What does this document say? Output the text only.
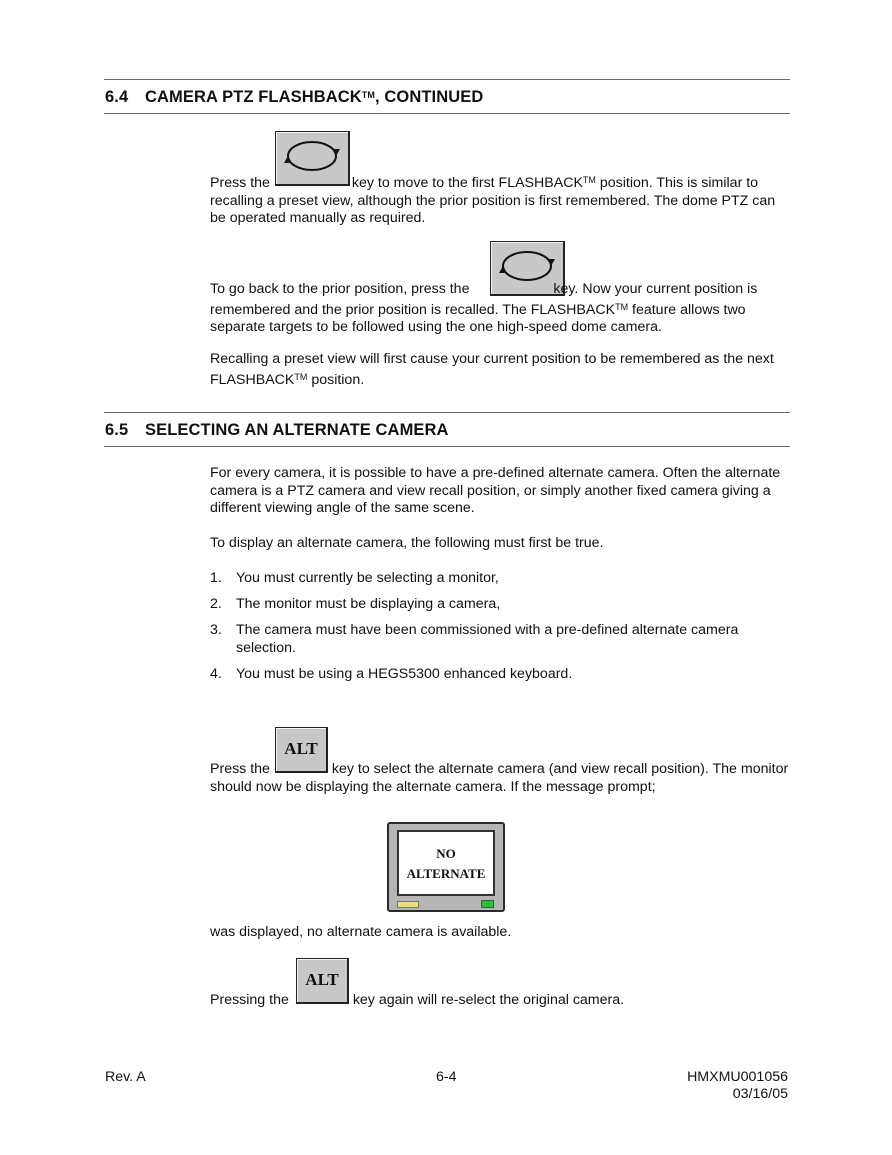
6.4 CAMERA PTZ FLASHBACK™, CONTINUED
Press the	key to move to the first FLASHBACK™ position. This is similar to recalling a preset view, although the prior position is first remembered. The dome PTZ can be operated manually as required.
To go back to the prior position, press the	key. Now your current position is remembered and the prior position is recalled. The FLASHBACK™ feature allows two separate targets to be followed using the one high-speed dome camera.
Recalling a preset view will first cause your current position to be remembered as the next FLASHBACK™ position.
6.5 SELECTING AN ALTERNATE CAMERA
For every camera, it is possible to have a pre-defined alternate camera. Often the alternate camera is a PTZ camera and view recall position, or simply another fixed camera giving a different viewing angle of the same scene.
To display an alternate camera, the following must first be true.
1. You must currently be selecting a monitor,
2. The monitor must be displaying a camera,
3. The camera must have been commissioned with a pre-defined alternate camera selection.
4. You must be using a HEGS5300 enhanced keyboard.
ALT
Press the	key to select the alternate camera (and view recall position). The monitor should now be displaying the alternate camera. If the message prompt;
NO
ALTERNATE
was displayed, no alternate camera is available.
ALT
Pressing the	key again will re-select the original camera.
Rev. A	6-4	HMXMU001056
03/16/05
